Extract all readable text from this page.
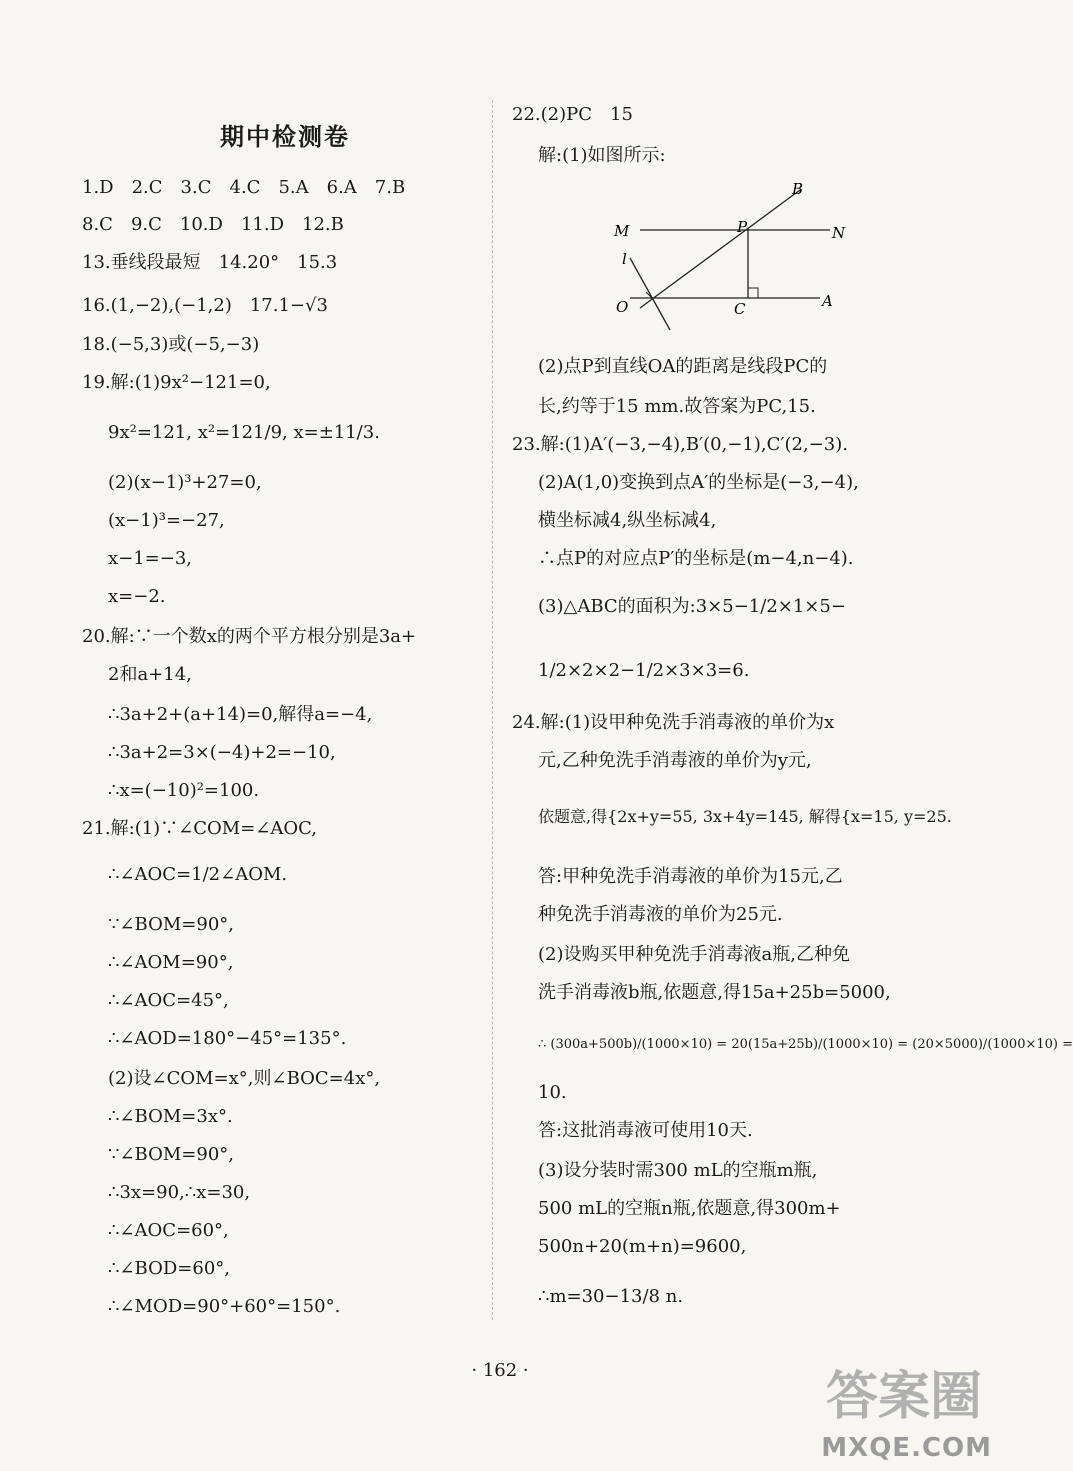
期中检测卷
1.D　2.C　3.C　4.C　5.A　6.A　7.B
8.C　9.C　10.D　11.D　12.B
13.垂线段最短　14.20°　15.3
16.(1,−2),(−1,2)　17.1−√3
18.(−5,3)或(−5,−3)
19.解:(1)9x²−121=0,
9x²=121, x²=121/9, x=±11/3.
(2)(x−1)³+27=0,
(x−1)³=−27,
x−1=−3,
x=−2.
20.解:∵一个数x的两个平方根分别是3a+
2和a+14,
∴3a+2+(a+14)=0,解得a=−4,
∴3a+2=3×(−4)+2=−10,
∴x=(−10)²=100.
21.解:(1)∵∠COM=∠AOC,
∴∠AOC=1/2∠AOM.
∵∠BOM=90°,
∴∠AOM=90°,
∴∠AOC=45°,
∴∠AOD=180°−45°=135°.
(2)设∠COM=x°,则∠BOC=4x°,
∴∠BOM=3x°.
∵∠BOM=90°,
∴3x=90,∴x=30,
∴∠AOC=60°,
∴∠BOD=60°,
∴∠MOD=90°+60°=150°.
22.(2)PC　15
解:(1)如图所示:
B
M	P	N
l
O	C	A
(2)点P到直线OA的距离是线段PC的
长,约等于15 mm.故答案为PC,15.
23.解:(1)A′(−3,−4),B′(0,−1),C′(2,−3).
(2)A(1,0)变换到点A′的坐标是(−3,−4),
横坐标减4,纵坐标减4,
∴点P的对应点P′的坐标是(m−4,n−4).
(3)△ABC的面积为:3×5−1/2×1×5−
1/2×2×2−1/2×3×3=6.
24.解:(1)设甲种免洗手消毒液的单价为x
元,乙种免洗手消毒液的单价为y元,
依题意,得{2x+y=55, 3x+4y=145, 解得{x=15, y=25.
答:甲种免洗手消毒液的单价为15元,乙
种免洗手消毒液的单价为25元.
(2)设购买甲种免洗手消毒液a瓶,乙种免
洗手消毒液b瓶,依题意,得15a+25b=5000,
∴ (300a+500b)/(1000×10) = 20(15a+25b)/(1000×10) = (20×5000)/(1000×10) =
10.
答:这批消毒液可使用10天.
(3)设分装时需300 mL的空瓶m瓶,
500 mL的空瓶n瓶,依题意,得300m+
500n+20(m+n)=9600,
∴m=30−13/8 n.
· 162 ·	答案圈
MXQE.COM
